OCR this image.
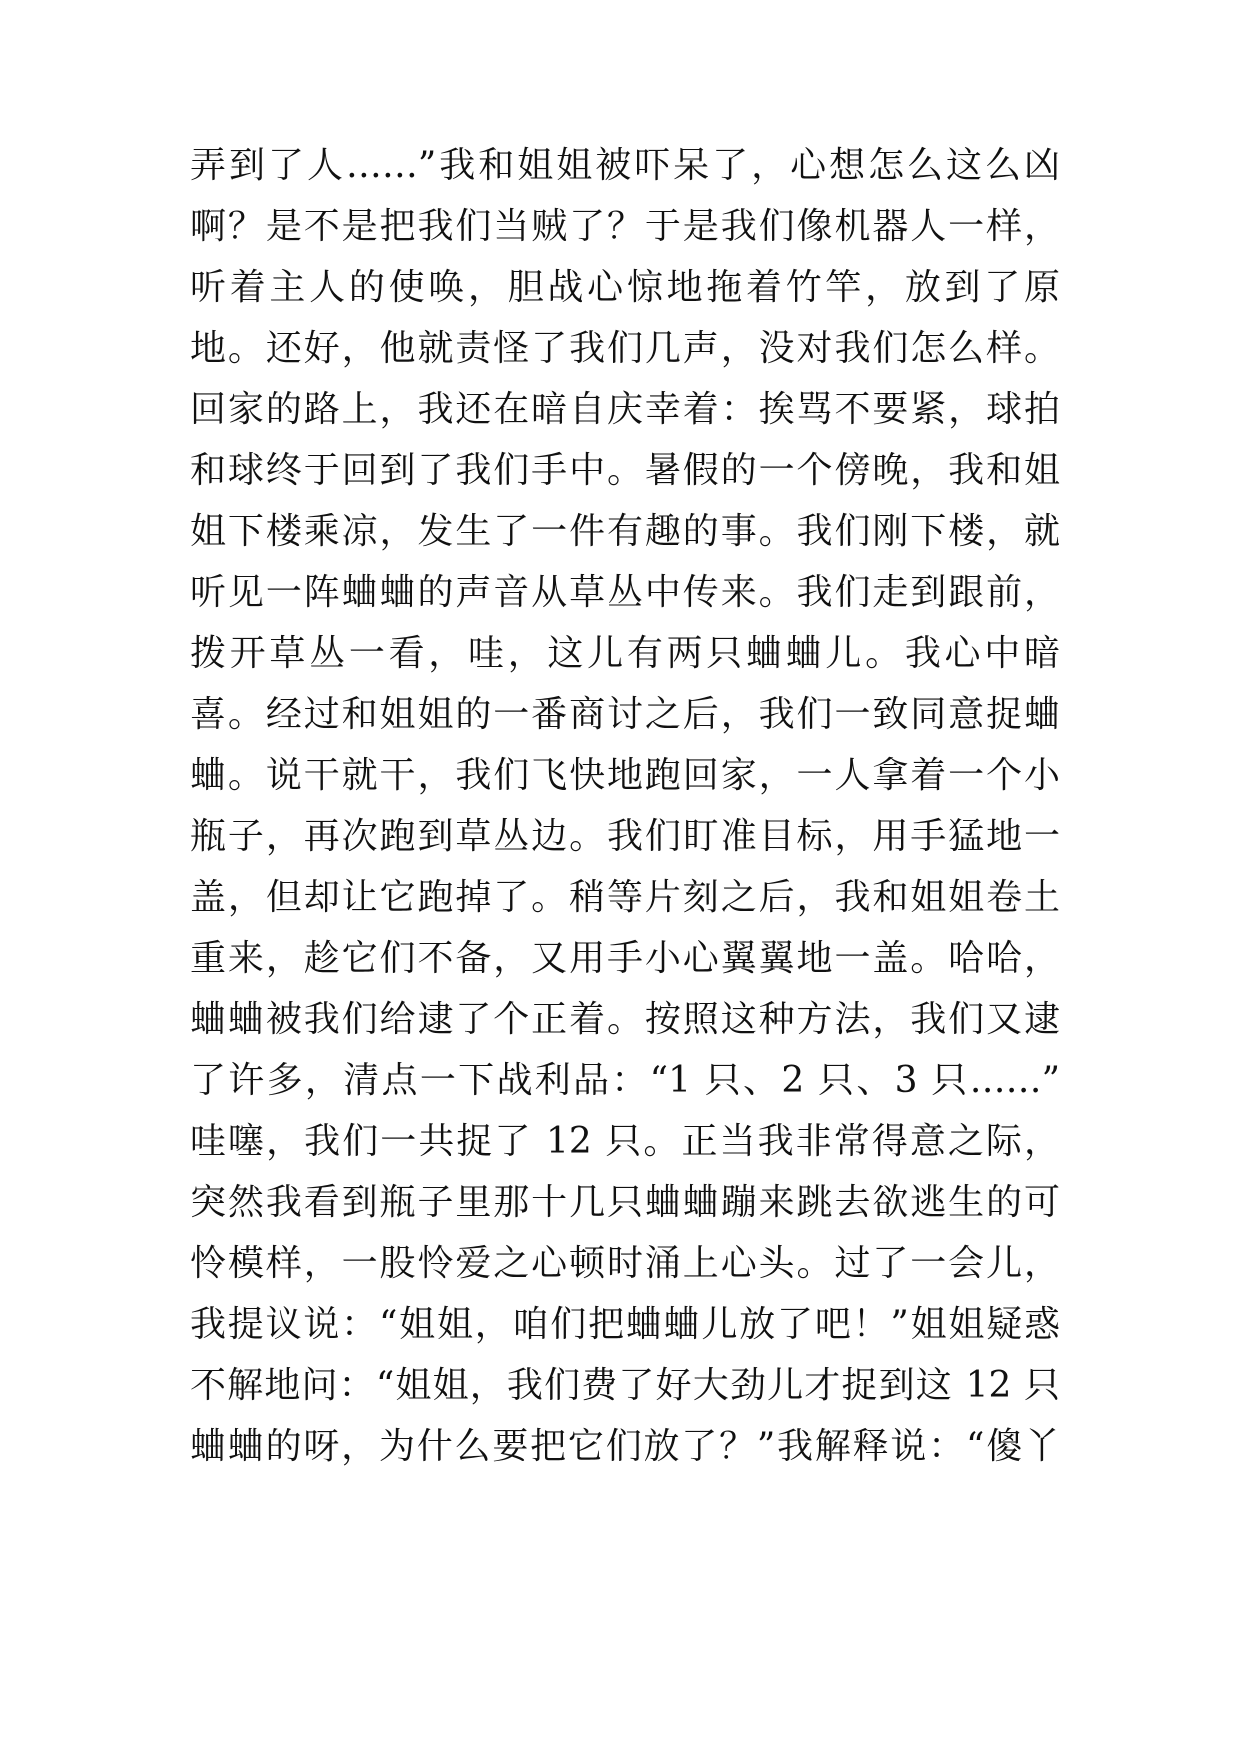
弄到了人……”我和姐姐被吓呆了，心想怎么这么凶
啊？是不是把我们当贼了？于是我们像机器人一样，
听着主人的使唤，胆战心惊地拖着竹竿，放到了原
地。还好，他就责怪了我们几声，没对我们怎么样。
回家的路上，我还在暗自庆幸着：挨骂不要紧，球拍
和球终于回到了我们手中。暑假的一个傍晚，我和姐
姐下楼乘凉，发生了一件有趣的事。我们刚下楼，就
听见一阵蛐蛐的声音从草丛中传来。我们走到跟前，
拨开草丛一看，哇，这儿有两只蛐蛐儿。我心中暗
喜。经过和姐姐的一番商讨之后，我们一致同意捉蛐
蛐。说干就干，我们飞快地跑回家，一人拿着一个小
瓶子，再次跑到草丛边。我们盯准目标，用手猛地一
盖，但却让它跑掉了。稍等片刻之后，我和姐姐卷土
重来，趁它们不备，又用手小心翼翼地一盖。哈哈，
蛐蛐被我们给逮了个正着。按照这种方法，我们又逮
了许多，清点一下战利品：“1 只、2 只、3 只……”
哇噻，我们一共捉了 12 只。正当我非常得意之际，
突然我看到瓶子里那十几只蛐蛐蹦来跳去欲逃生的可
怜模样，一股怜爱之心顿时涌上心头。过了一会儿，
我提议说：“姐姐，咱们把蛐蛐儿放了吧！”姐姐疑惑
不解地问：“姐姐，我们费了好大劲儿才捉到这 12 只
蛐蛐的呀，为什么要把它们放了？”我解释说：“傻丫
